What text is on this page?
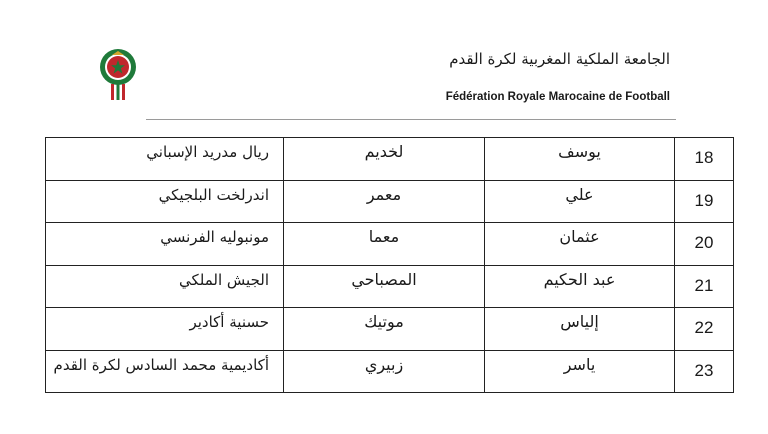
الجامعة الملكية المغربية لكرة القدم
Fédération Royale Marocaine de Football
ريال مدريد الإسباني	لخديم	يوسف	18
اندرلخت البلجيكي	معمر	علي	19
مونبوليه الفرنسي	معما	عثمان	20
الجيش الملكي	المصباحي	عبد الحكيم	21
حسنية أكادير	موتيك	إلياس	22
أكاديمية محمد السادس لكرة القدم	زبيري	ياسر	23
